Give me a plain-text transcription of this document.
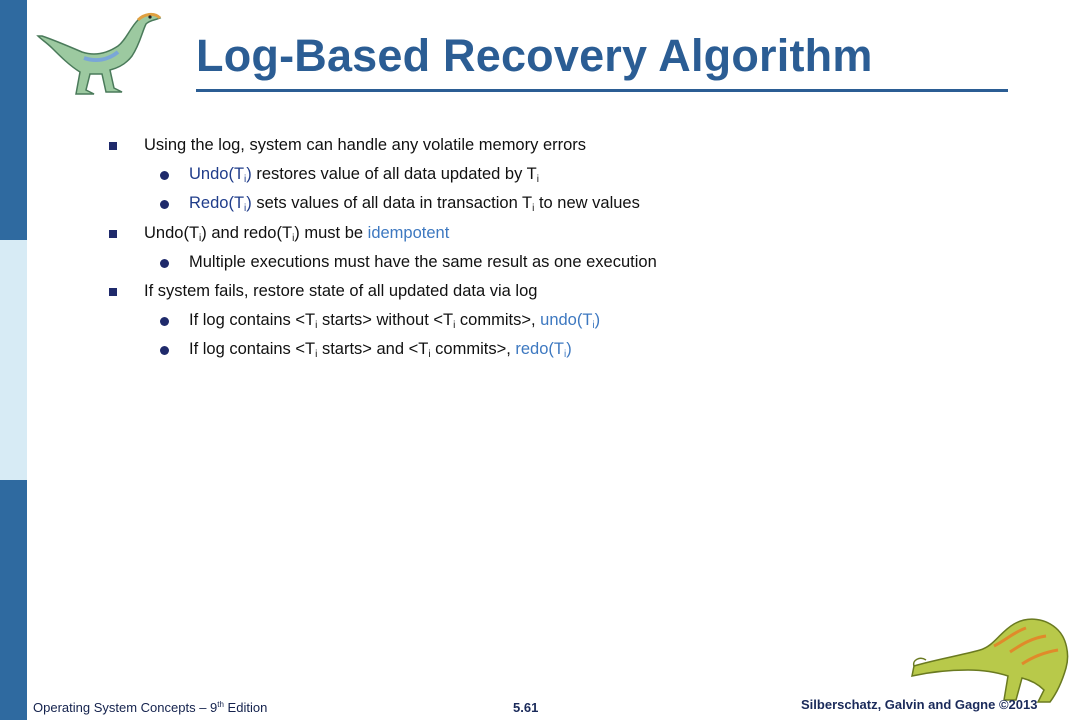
Log-Based Recovery Algorithm
Using the log, system can handle any volatile memory errors
$Undo(T_i)$ restores value of all data updated by $T_i$
$Redo(T_i)$ sets values of all data in transaction $T_i$ to new values
$Undo(T_i)$ and $redo(T_i)$ must be idempotent
Multiple executions must have the same result as one execution
If system fails, restore state of all updated data via log
If log contains $<T_i$ starts> without $<T_i$ commits>, $undo(T_i)$
If log contains $<T_i$ starts> and $<T_i$ commits>, $redo(T_i)$
Operating System Concepts – 9th Edition	5.61	Silberschatz, Galvin and Gagne ©2013
